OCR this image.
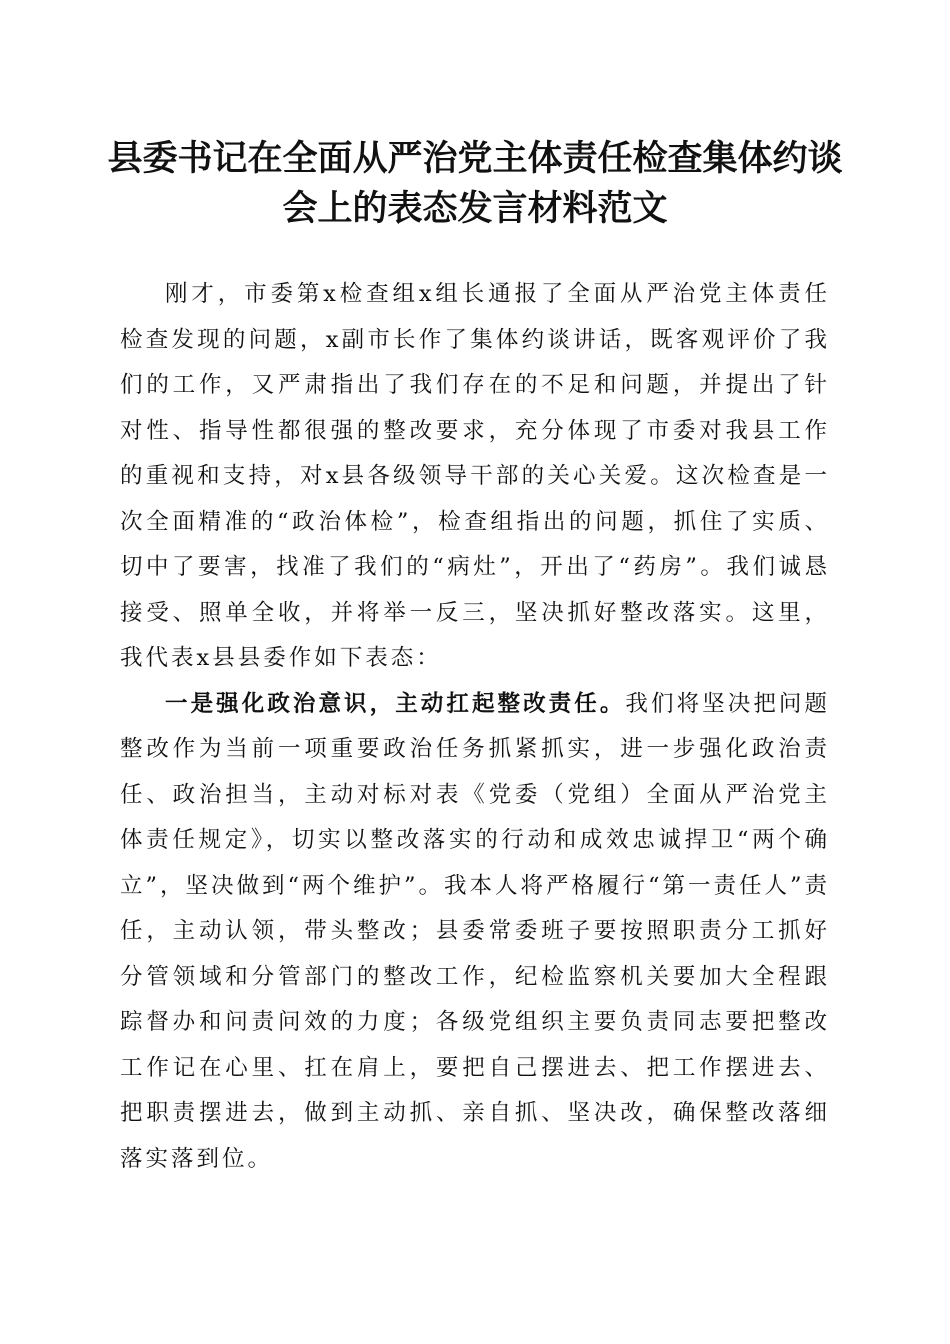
县委书记在全面从严治党主体责任检查集体约谈会上的表态发言材料范文

刚才，市委第x检查组x组长通报了全面从严治党主体责任检查发现的问题，x副市长作了集体约谈讲话，既客观评价了我们的工作，又严肃指出了我们存在的不足和问题，并提出了针对性、指导性都很强的整改要求，充分体现了市委对我县工作的重视和支持，对x县各级领导干部的关心关爱。这次检查是一次全面精准的“政治体检”，检查组指出的问题，抓住了实质、切中了要害，找准了我们的“病灶”，开出了“药房”。我们诚恳接受、照单全收，并将举一反三，坚决抓好整改落实。这里，我代表x县县委作如下表态：

一是强化政治意识，主动扛起整改责任。我们将坚决把问题整改作为当前一项重要政治任务抓紧抓实，进一步强化政治责任、政治担当，主动对标对表《党委（党组）全面从严治党主体责任规定》，切实以整改落实的行动和成效忠诚捍卫“两个确立”，坚决做到“两个维护”。我本人将严格履行“第一责任人”责任，主动认领，带头整改；县委常委班子要按照职责分工抓好分管领域和分管部门的整改工作，纪检监察机关要加大全程跟踪督办和问责问效的力度；各级党组织主要负责同志要把整改工作记在心里、扛在肩上，要把自己摆进去、把工作摆进去、把职责摆进去，做到主动抓、亲自抓、坚决改，确保整改落细落实落到位。
